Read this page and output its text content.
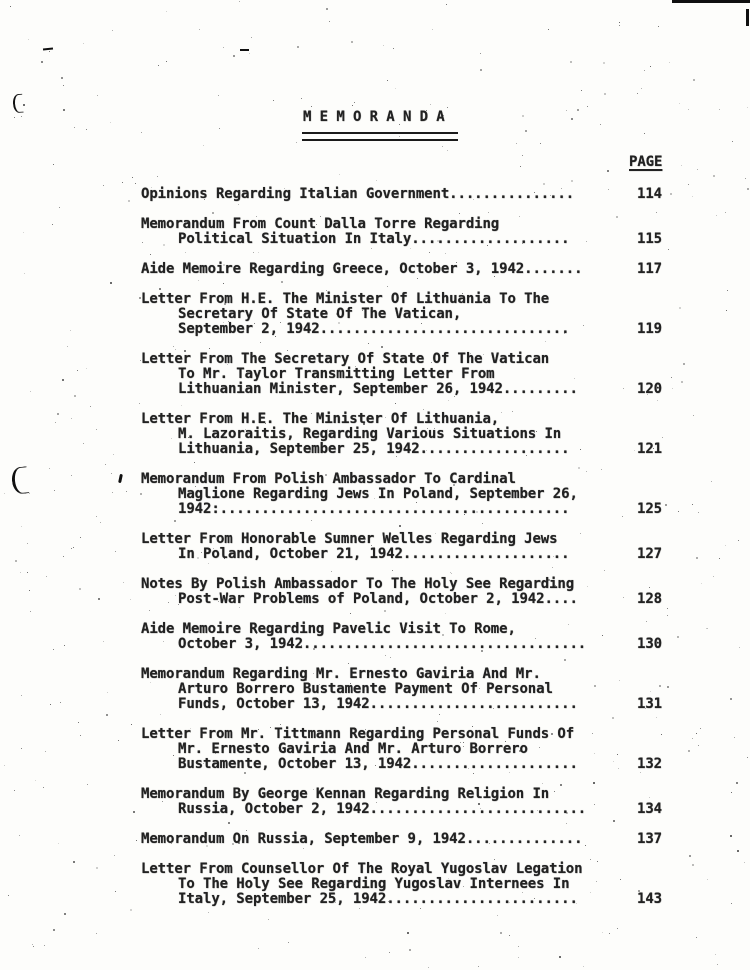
M E M O R A N D A
PAGE
Opinions Regarding Italian Government...............	114
Memorandum From Count Dalla Torre Regarding
Political Situation In Italy...................	115
Aide Memoire Regarding Greece, October 3, 1942.......	117
Letter From H.E. The Minister Of Lithuania To The
Secretary Of State Of The Vatican,
September 2, 1942..............................	119
Letter From The Secretary Of State Of The Vatican
To Mr. Taylor Transmitting Letter From
Lithuanian Minister, September 26, 1942.........	120
Letter From H.E. The Minister Of Lithuania,
M. Lazoraitis, Regarding Various Situations In
Lithuania, September 25, 1942..................	121
Memorandum From Polish Ambassador To Cardinal
Maglione Regarding Jews In Poland, September 26,
1942:..........................................	125
Letter From Honorable Sumner Welles Regarding Jews
In Poland, October 21, 1942....................	127
Notes By Polish Ambassador To The Holy See Regarding
Post-War Problems of Poland, October 2, 1942....	128
Aide Memoire Regarding Pavelic Visit To Rome,
October 3, 1942..................................	130
Memorandum Regarding Mr. Ernesto Gaviria And Mr.
Arturo Borrero Bustamente Payment Of Personal
Funds, October 13, 1942.........................	131
Letter From Mr. Tittmann Regarding Personal Funds Of
Mr. Ernesto Gaviria And Mr. Arturo Borrero
Bustamente, October 13, 1942....................	132
Memorandum By George Kennan Regarding Religion In
Russia, October 2, 1942..........................	134
Memorandum On Russia, September 9, 1942..............	137
Letter From Counsellor Of The Royal Yugoslav Legation
To The Holy See Regarding Yugoslav Internees In
Italy, September 25, 1942.......................	143
